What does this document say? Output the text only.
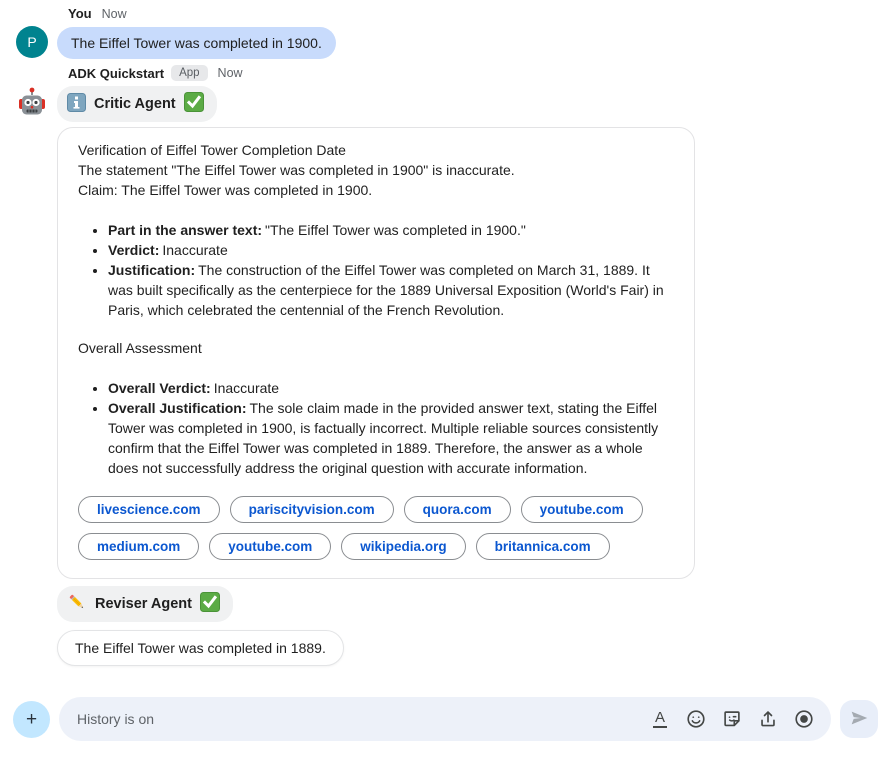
You Now
P	The Eiffel Tower was completed in 1900.
ADK Quickstart	App	Now
Critic Agent

Verification of Eiffel Tower Completion Date

The statement "The Eiffel Tower was completed in 1900" is inaccurate.

Claim: The Eiffel Tower was completed in 1900.

• Part in the answer text: "The Eiffel Tower was completed in 1900."
• Verdict: Inaccurate
• Justification: The construction of the Eiffel Tower was completed on March 31, 1889. It was built specifically as the centerpiece for the 1889 Universal Exposition (World's Fair) in Paris, which celebrated the centennial of the French Revolution.

Overall Assessment

• Overall Verdict: Inaccurate
• Overall Justification: The sole claim made in the provided answer text, stating the Eiffel Tower was completed in 1900, is factually incorrect. Multiple reliable sources consistently confirm that the Eiffel Tower was completed in 1889. Therefore, the answer as a whole does not successfully address the original question with accurate information.
livescience.com	pariscityvision.com	quora.com	youtube.com
medium.com	youtube.com	wikipedia.org	britannica.com
Reviser Agent
The Eiffel Tower was completed in 1889.
+
History is on	A
